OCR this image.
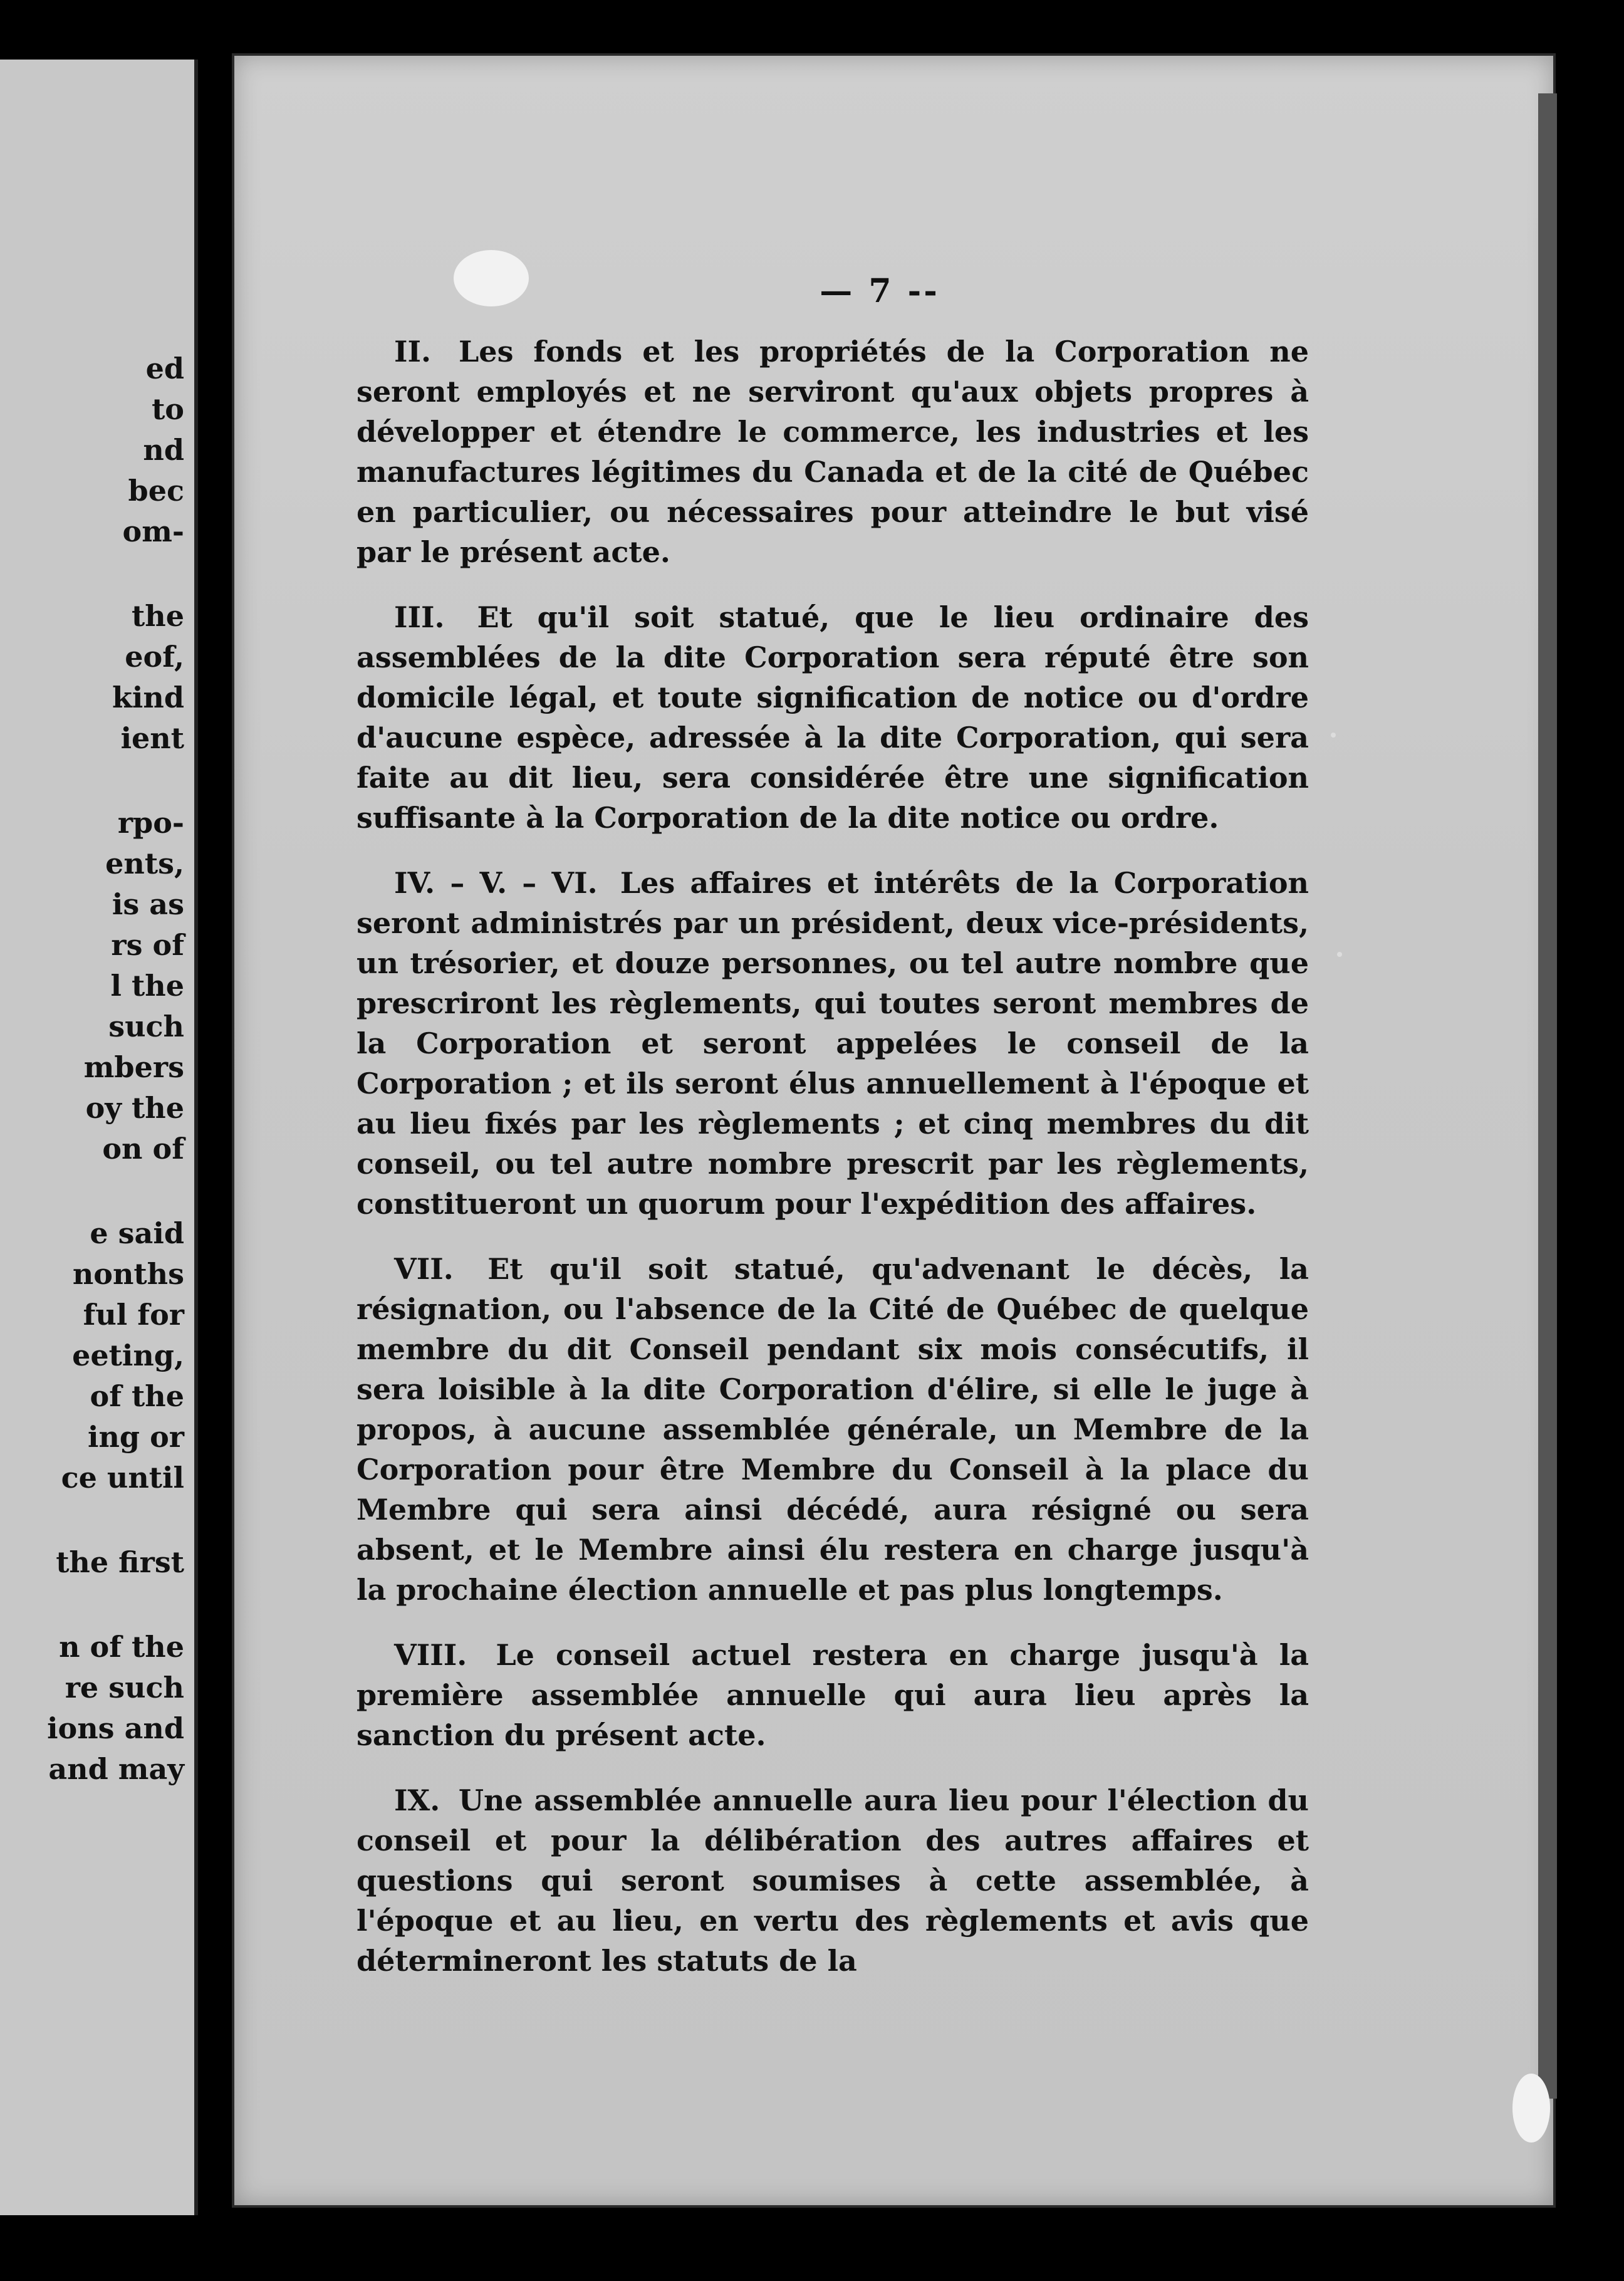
ed
to
nd
bec
om-
the
eof,
kind
ient
rpo-
ents,
is as
rs of
l the
such
mbers
oy the
on of
e said
nonths
ful for
eeting,
of the
ing or
ce until
the first
n of the
re such
ions and
and may
— 7 --

II. Les fonds et les propriétés de la Corporation ne seront employés et ne serviront qu'aux objets propres à développer et étendre le commerce, les industries et les manufactures légitimes du Canada et de la cité de Québec en particulier, ou nécessaires pour atteindre le but visé par le présent acte.

III. Et qu'il soit statué, que le lieu ordinaire des assemblées de la dite Corporation sera réputé être son domicile légal, et toute signification de notice ou d'ordre d'aucune espèce, adressée à la dite Corporation, qui sera faite au dit lieu, sera considérée être une signification suffisante à la Corporation de la dite notice ou ordre.

IV. – V. – VI. Les affaires et intérêts de la Corporation seront administrés par un président, deux vice-présidents, un trésorier, et douze personnes, ou tel autre nombre que prescriront les règlements, qui toutes seront membres de la Corporation et seront appelées le conseil de la Corporation ; et ils seront élus annuellement à l'époque et au lieu fixés par les règlements ; et cinq membres du dit conseil, ou tel autre nombre prescrit par les règlements, constitueront un quorum pour l'expédition des affaires.

VII. Et qu'il soit statué, qu'advenant le décès, la résignation, ou l'absence de la Cité de Québec de quelque membre du dit Conseil pendant six mois consécutifs, il sera loisible à la dite Corporation d'élire, si elle le juge à propos, à aucune assemblée générale, un Membre de la Corporation pour être Membre du Conseil à la place du Membre qui sera ainsi décédé, aura résigné ou sera absent, et le Membre ainsi élu restera en charge jusqu'à la prochaine élection annuelle et pas plus longtemps.

VIII. Le conseil actuel restera en charge jusqu'à la première assemblée annuelle qui aura lieu après la sanction du présent acte.

IX. Une assemblée annuelle aura lieu pour l'élection du conseil et pour la délibération des autres affaires et questions qui seront soumises à cette assemblée, à l'époque et au lieu, en vertu des règlements et avis que détermineront les statuts de la
